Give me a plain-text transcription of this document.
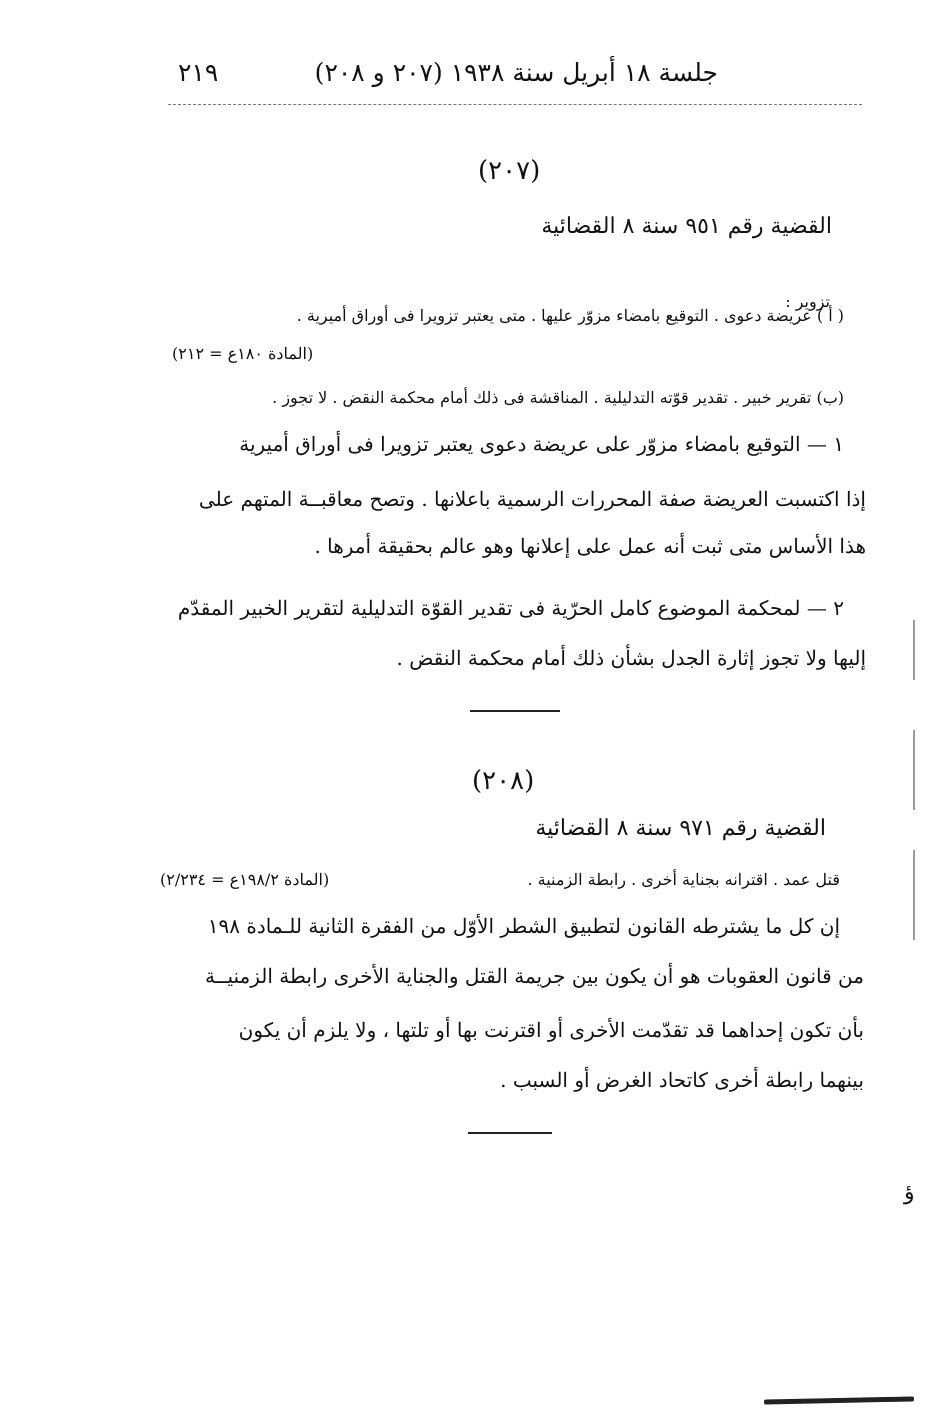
جلسة ١٨ أبريل سنة ١٩٣٨ (٢٠٧ و ٢٠٨)
٢١٩
(٢٠٧)
القضية رقم ٩٥١ سنة ٨ القضائية
تزوير :
( أ ) عريضة دعوى . التوقيع بامضاء مزوّر عليها . متى يعتبر تزويرا فى أوراق أميرية .
(المادة ١٨٠ع = ٢١٢)
(ب) تقرير خبير . تقدير قوّته التدليلية . المناقشة فى ذلك أمام محكمة النقض . لا تجوز .
١ — التوقيع بامضاء مزوّر على عريضة دعوى يعتبر تزويرا فى أوراق أميرية
إذا اكتسبت العريضة صفة المحررات الرسمية باعلانها . وتصح معاقبــة المتهم على
هذا الأساس متى ثبت أنه عمل على إعلانها وهو عالم بحقيقة أمرها .
٢ — لمحكمة الموضوع كامل الحرّية فى تقدير القوّة التدليلية لتقرير الخبير المقدّم
إليها ولا تجوز إثارة الجدل بشأن ذلك أمام محكمة النقض .
(٢٠٨)
القضية رقم ٩٧١ سنة ٨ القضائية
قتل عمد . اقترانه بجناية أخرى . رابطة الزمنية .
(المادة ١٩٨/٢ع = ٢/٢٣٤)
إن كل ما يشترطه القانون لتطبيق الشطر الأوّل من الفقرة الثانية للـمادة ١٩٨
من قانون العقوبات هو أن يكون بين جريمة القتل والجناية الأخرى رابطة الزمنيــة
بأن تكون إحداهما قد تقدّمت الأخرى أو اقترنت بها أو تلتها ، ولا يلزم أن يكون
بينهما رابطة أخرى كاتحاد الغرض أو السبب .
ؤ
